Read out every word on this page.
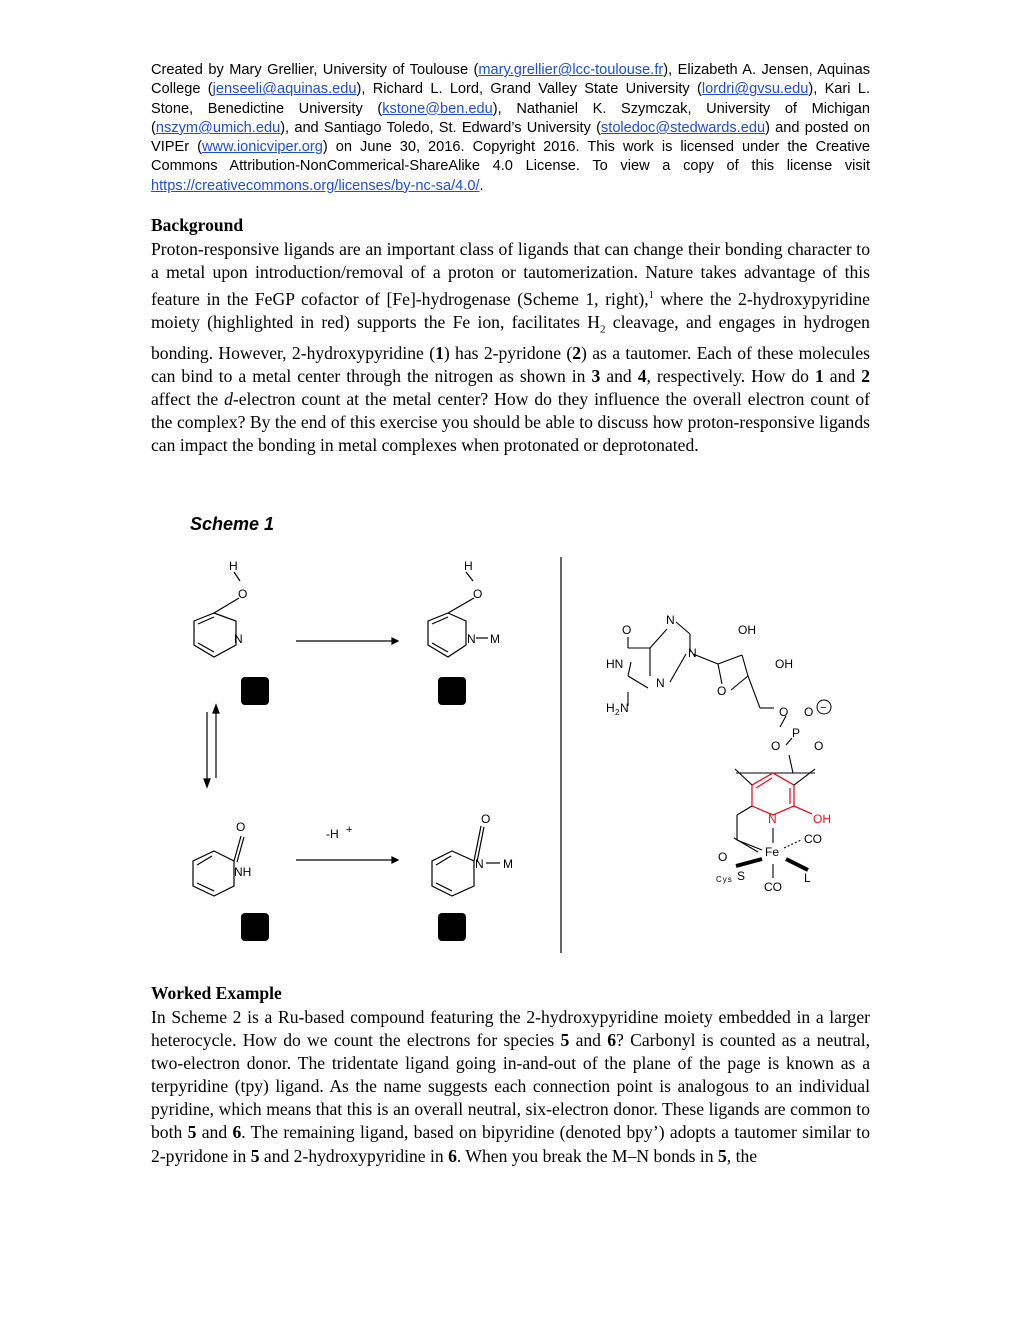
Created by Mary Grellier, University of Toulouse (mary.grellier@lcc-toulouse.fr), Elizabeth A. Jensen, Aquinas College (jenseeli@aquinas.edu), Richard L. Lord, Grand Valley State University (lordri@gvsu.edu), Kari L. Stone, Benedictine University (kstone@ben.edu), Nathaniel K. Szymczak, University of Michigan (nszym@umich.edu), and Santiago Toledo, St. Edward’s University (stoledoc@stedwards.edu) and posted on VIPEr (www.ionicviper.org) on June 30, 2016. Copyright 2016. This work is licensed under the Creative Commons Attribution-NonCommerical-ShareAlike 4.0 License. To view a copy of this license visit https://creativecommons.org/licenses/by-nc-sa/4.0/.

Background

Proton-responsive ligands are an important class of ligands that can change their bonding character to a metal upon introduction/removal of a proton or tautomerization. Nature takes advantage of this feature in the FeGP cofactor of [Fe]-hydrogenase (Scheme 1, right),$^1$ where the 2-hydroxypyridine moiety (highlighted in red) supports the Fe ion, facilitates $H_2$ cleavage, and engages in hydrogen bonding. However, 2-hydroxypyridine (1) has 2-pyridone (2) as a tautomer. Each of these molecules can bind to a metal center through the nitrogen as shown in 3 and 4, respectively. How do 1 and 2 affect the d-electron count at the metal center? How do they influence the overall electron count of the complex? By the end of this exercise you should be able to discuss how proton-responsive ligands can impact the bonding in metal complexes when protonated or deprotonated.

Scheme 1

H
O
N
H
O
N M
O
NH
-H +
O
N M
O
N
OH
N
HN	OH
N
O
H 2 N	O O −
P
O	O
N	OH
CO
Fe
O
S
Cys	L
CO

Worked Example

In Scheme 2 is a Ru-based compound featuring the 2-hydroxypyridine moiety embedded in a larger heterocycle. How do we count the electrons for species 5 and 6? Carbonyl is counted as a neutral, two-electron donor. The tridentate ligand going in-and-out of the plane of the page is known as a terpyridine (tpy) ligand. As the name suggests each connection point is analogous to an individual pyridine, which means that this is an overall neutral, six-electron donor. These ligands are common to both 5 and 6. The remaining ligand, based on bipyridine (denoted bpy’) adopts a tautomer similar to 2-pyridone in 5 and 2-hydroxypyridine in 6. When you break the M–N bonds in 5, the
